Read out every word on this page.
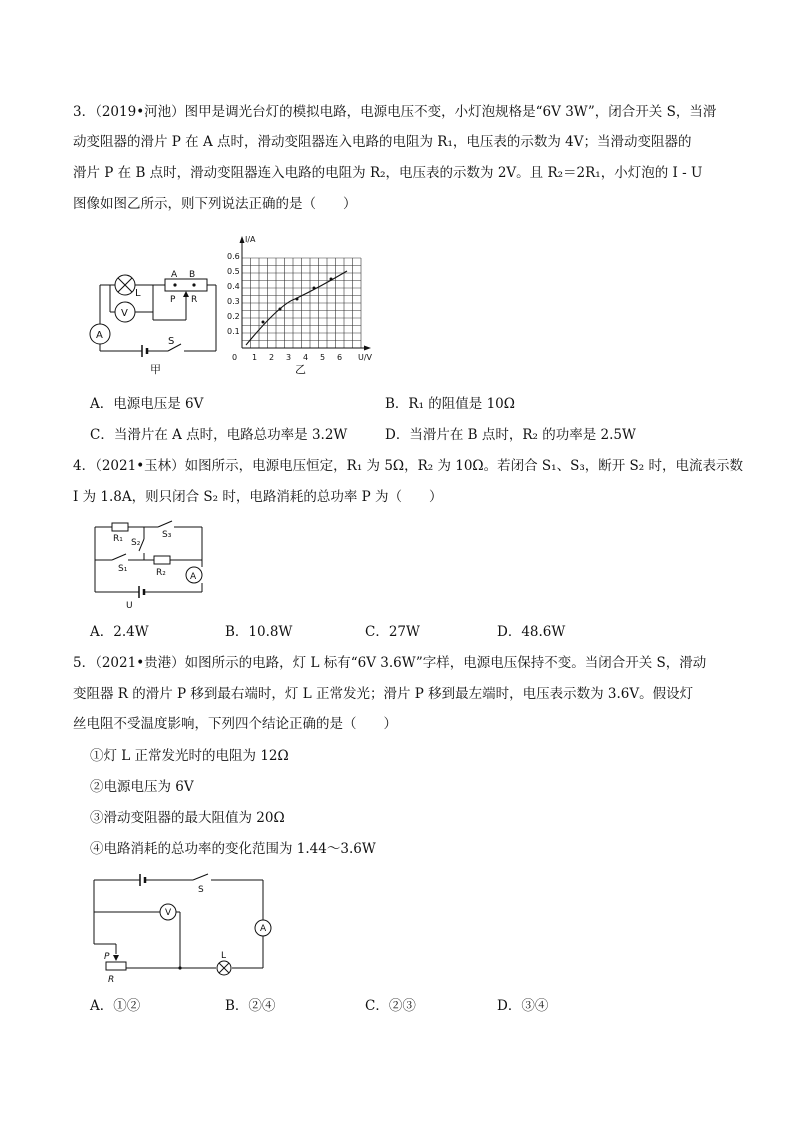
3．（2019•河池）图甲是调光台灯的模拟电路，电源电压不变，小灯泡规格是“6V 3W”，闭合开关 S，当滑
动变阻器的滑片 P 在 A 点时，滑动变阻器连入电路的电阻为 R₁，电压表的示数为 4V；当滑动变阻器的
滑片 P 在 B 点时，滑动变阻器连入电路的电阻为 R₂，电压表的示数为 2V。且 R₂＝2R₁，小灯泡的 I - U
图像如图乙所示，则下列说法正确的是（　　）
L
V
A
S
A B
P R
甲
0.6
0.5
0.4
0.3
0.2
0.1
0 1 2 3 4 5 6
I/A
U/V
乙
A．电源电压是 6V	B．R₁ 的阻值是 10Ω
C．当滑片在 A 点时，电路总功率是 3.2W	D．当滑片在 B 点时，R₂ 的功率是 2.5W
4．（2021•玉林）如图所示，电源电压恒定，R₁ 为 5Ω，R₂ 为 10Ω。若闭合 S₁、S₃，断开 S₂ 时，电流表示数
I 为 1.8A，则只闭合 S₂ 时，电路消耗的总功率 P 为（　　）
R₁	S₃
S₂
S₁	R₂	A
U
A．2.4W	B．10.8W	C．27W	D．48.6W
5．（2021•贵港）如图所示的电路，灯 L 标有“6V 3.6W”字样，电源电压保持不变。当闭合开关 S，滑动
变阻器 R 的滑片 P 移到最右端时，灯 L 正常发光；滑片 P 移到最左端时，电压表示数为 3.6V。假设灯
丝电阻不受温度影响，下列四个结论正确的是（　　）
①灯 L 正常发光时的电阻为 12Ω
②电源电压为 6V
③滑动变阻器的最大阻值为 20Ω
④电路消耗的总功率的变化范围为 1.44～3.6W
S
V
A
L
P
R
A．①②	B．②④	C．②③	D．③④
